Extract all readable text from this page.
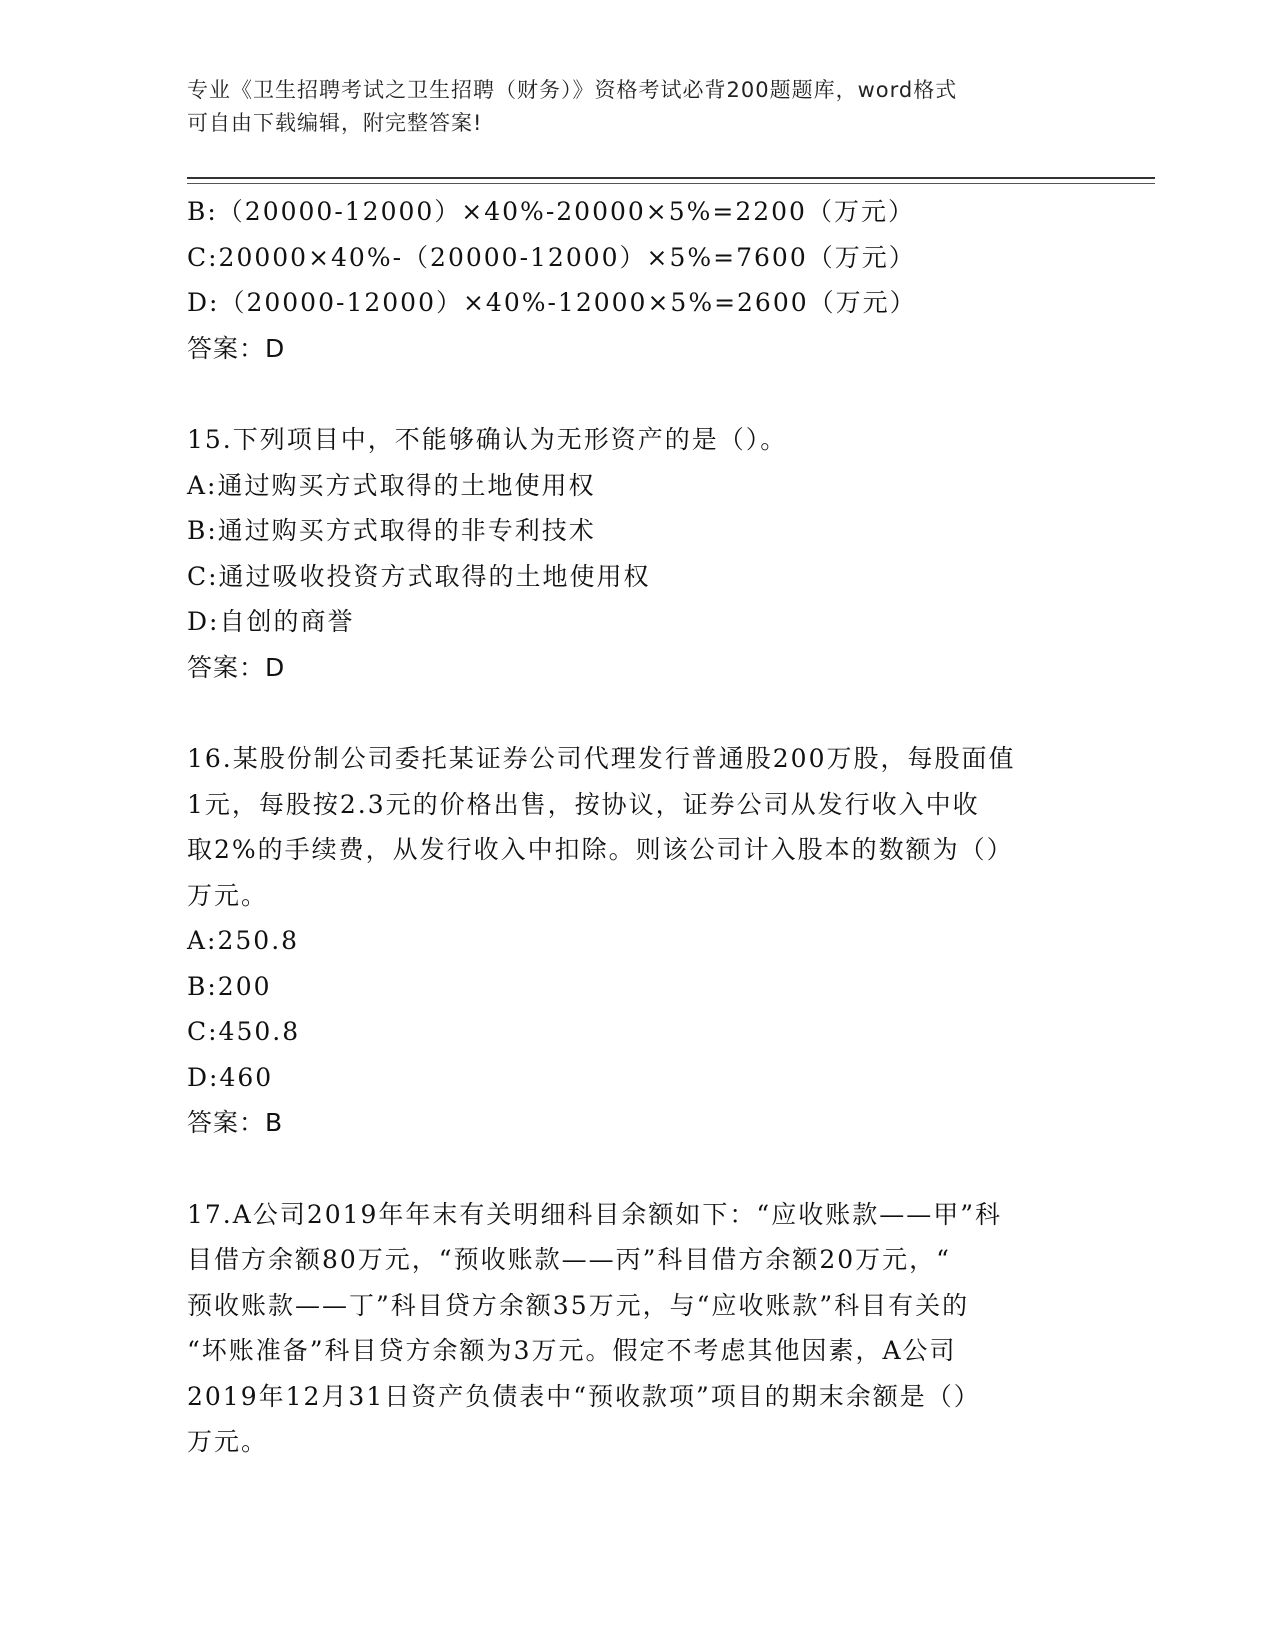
专业《卫生招聘考试之卫生招聘（财务）》资格考试必背200题题库，word格式
可自由下载编辑，附完整答案!
B:（20000-12000）×40%-20000×5%=2200（万元）
C:20000×40%-（20000-12000）×5%=7600（万元）
D:（20000-12000）×40%-12000×5%=2600（万元）
答案：D
15.下列项目中，不能够确认为无形资产的是（）。
A:通过购买方式取得的土地使用权
B:通过购买方式取得的非专利技术
C:通过吸收投资方式取得的土地使用权
D:自创的商誉
答案：D
16.某股份制公司委托某证券公司代理发行普通股200万股，每股面值
1元，每股按2.3元的价格出售，按协议，证券公司从发行收入中收
取2%的手续费，从发行收入中扣除。则该公司计入股本的数额为（）
万元。
A:250.8
B:200
C:450.8
D:460
答案：B
17.A公司2019年年末有关明细科目余额如下：“应收账款——甲”科
目借方余额80万元，“预收账款——丙”科目借方余额20万元，“
预收账款——丁”科目贷方余额35万元，与“应收账款”科目有关的
“坏账准备”科目贷方余额为3万元。假定不考虑其他因素，A公司
2019年12月31日资产负债表中“预收款项”项目的期末余额是（）
万元。
